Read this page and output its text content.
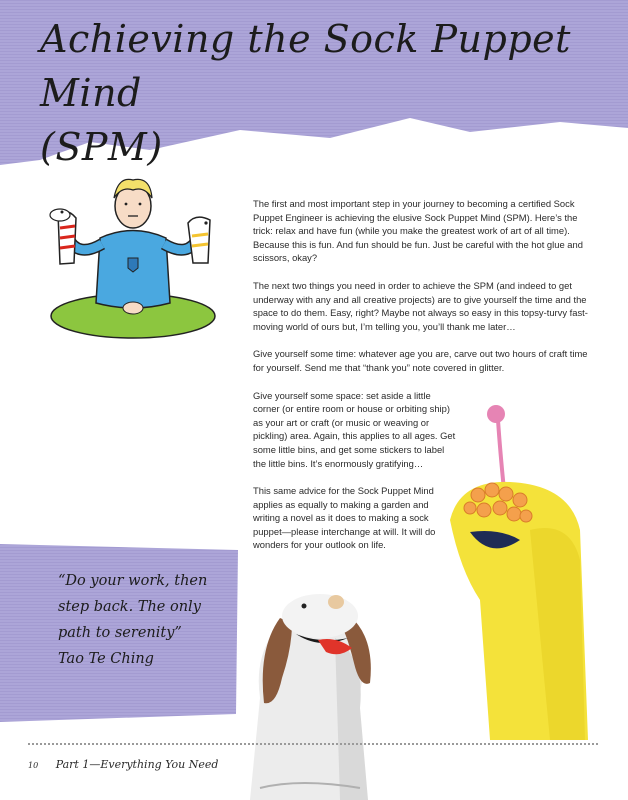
Achieving the Sock Puppet Mind
(SPM)

The first and most important step in your journey to becoming a certified Sock Puppet Engineer is achieving the elusive Sock Puppet Mind (SPM). Here’s the trick: relax and have fun (while you make the greatest work of art of all time). Because this is fun. And fun should be fun. Just be careful with the hot glue and scissors, okay?

The next two things you need in order to achieve the SPM (and indeed to get underway with any and all creative projects) are to give yourself the time and the space to do them. Easy, right? Maybe not always so easy in this topsy-turvy fast-moving world of ours but, I’m telling you, you’ll thank me later…

Give yourself some time: whatever age you are, carve out two hours of craft time for yourself. Send me that “thank you” note covered in glitter.

Give yourself some space: set aside a little corner (or entire room or house or orbiting ship) as your art or craft (or music or weaving or pickling) area. Again, this applies to all ages. Get some little bins, and get some stickers to label the little bins. It’s enormously gratifying…

This same advice for the Sock Puppet Mind applies as equally to making a garden and writing a novel as it does to making a sock puppet—please interchange at will. It will do wonders for your outlook on life.

“Do your work, then
step back. The only
path to serenity”
Tao Te Ching
10 Part 1—Everything You Need
